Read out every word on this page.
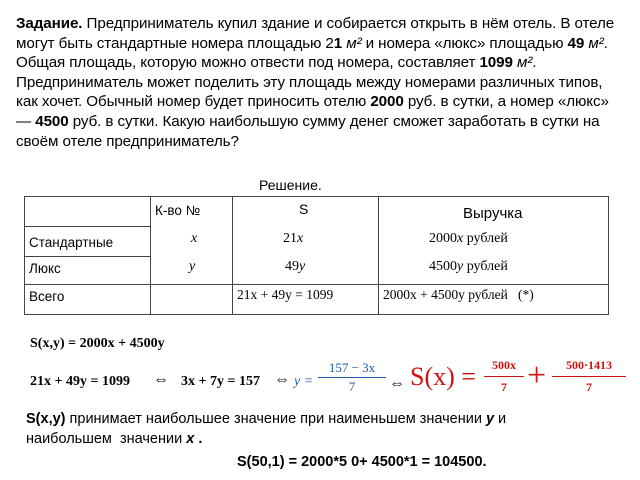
Задание. Предприниматель купил здание и собирается открыть в нём отель. В отеле могут быть стандартные номера площадью 21 м² и номера «люкс» площадью 49 м². Общая площадь, которую можно отвести под номера, составляет 1099 м². Предприниматель может поделить эту площадь между номерами различных типов, как хочет. Обычный номер будет приносить отелю 2000 руб. в сутки, а номер «люкс» — 4500 руб. в сутки. Какую наибольшую сумму денег сможет заработать в сутки на своём отеле предприниматель?
Решение.

	К-во №	S	Выручка

Стандартные	x	21x	2000x рублей

Люкс	y	49y	4500y рублей

Всего		21x + 49y = 1099	2000x + 4500y рублей   (*)
S(x,y) = 2000x + 4500y
21x + 49y = 1099 ⇔ 3x + 7y = 157 ⇔ y =
157 − 3x
7	⇔ S(x) =	500x
7 +	500·1413
7
S(x,y) принимает наибольшее значение при наименьшем значении y и
наибольшем  значении x .
S(50,1) = 2000*5 0+ 4500*1 = 104500.
